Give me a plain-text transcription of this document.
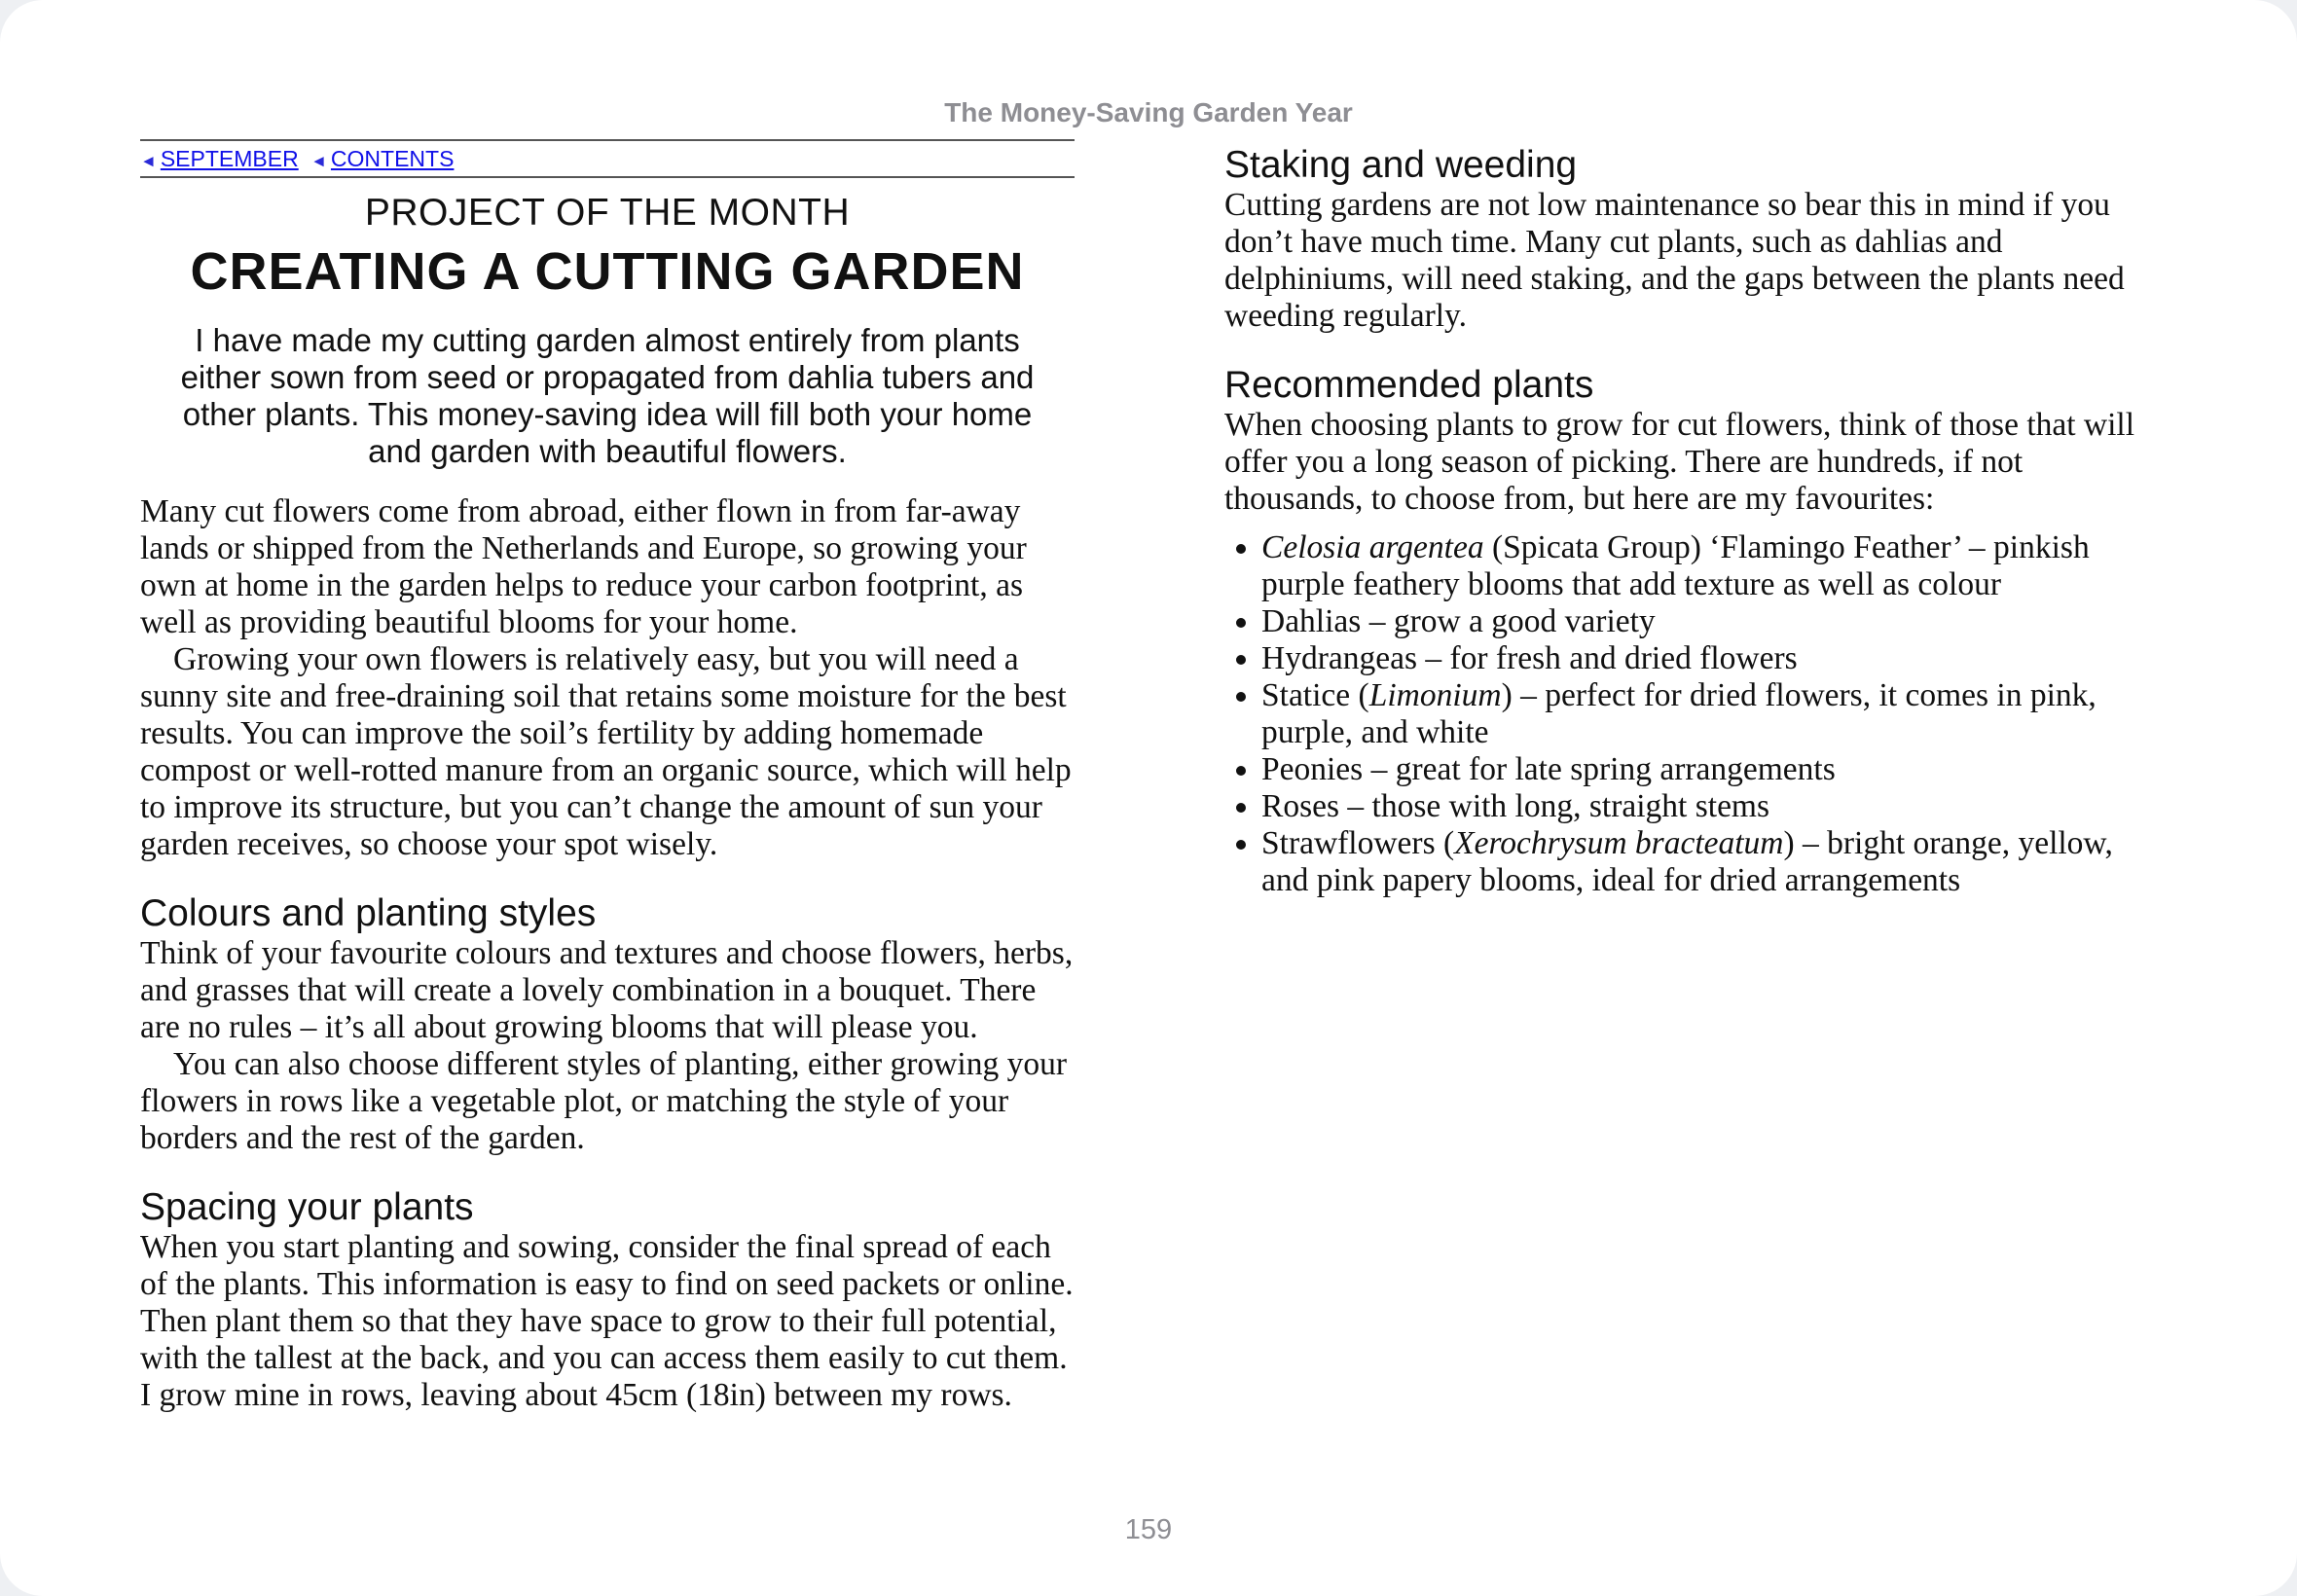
The Money-Saving Garden Year
◄ SEPTEMBER ◄ CONTENTS
PROJECT OF THE MONTH
CREATING A CUTTING GARDEN
I have made my cutting garden almost entirely from plants either sown from seed or propagated from dahlia tubers and other plants. This money-saving idea will fill both your home and garden with beautiful flowers.

Many cut flowers come from abroad, either flown in from far-away lands or shipped from the Netherlands and Europe, so growing your own at home in the garden helps to reduce your carbon footprint, as well as providing beautiful blooms for your home.

Growing your own flowers is relatively easy, but you will need a sunny site and free-draining soil that retains some moisture for the best results. You can improve the soil’s fertility by adding homemade compost or well-rotted manure from an organic source, which will help to improve its structure, but you can’t change the amount of sun your garden receives, so choose your spot wisely.

Colours and planting styles

Think of your favourite colours and textures and choose flowers, herbs, and grasses that will create a lovely combination in a bouquet. There are no rules – it’s all about growing blooms that will please you.

You can also choose different styles of planting, either growing your flowers in rows like a vegetable plot, or matching the style of your borders and the rest of the garden.

Spacing your plants

When you start planting and sowing, consider the final spread of each of the plants. This information is easy to find on seed packets or online. Then plant them so that they have space to grow to their full potential, with the tallest at the back, and you can access them easily to cut them. I grow mine in rows, leaving about 45cm (18in) between my rows.

Staking and weeding

Cutting gardens are not low maintenance so bear this in mind if you don’t have much time. Many cut plants, such as dahlias and delphiniums, will need staking, and the gaps between the plants need weeding regularly.

Recommended plants

When choosing plants to grow for cut flowers, think of those that will offer you a long season of picking. There are hundreds, if not thousands, to choose from, but here are my favourites:

• Celosia argentea (Spicata Group) ‘Flamingo Feather’ – pinkish purple feathery blooms that add texture as well as colour
• Dahlias – grow a good variety
• Hydrangeas – for fresh and dried flowers
• Statice (Limonium) – perfect for dried flowers, it comes in pink, purple, and white
• Peonies – great for late spring arrangements
• Roses – those with long, straight stems
• Strawflowers (Xerochrysum bracteatum) – bright orange, yellow, and pink papery blooms, ideal for dried arrangements
159
